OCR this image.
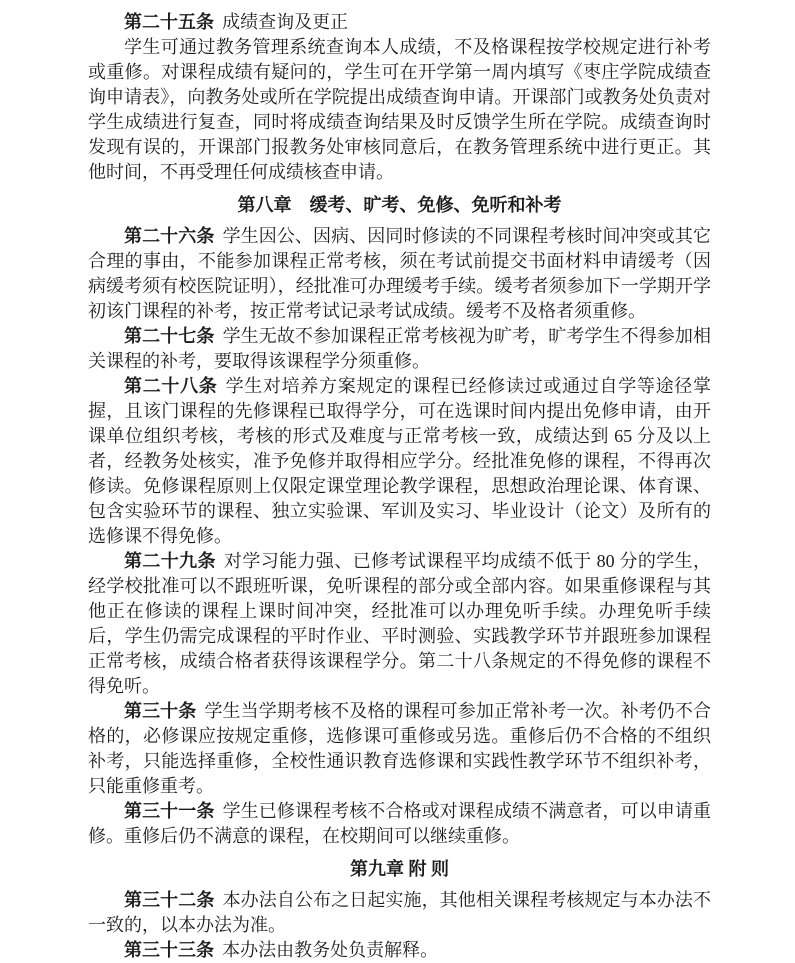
第二十五条 成绩查询及更正

学生可通过教务管理系统查询本人成绩，不及格课程按学校规定进行补考或重修。对课程成绩有疑问的，学生可在开学第一周内填写《枣庄学院成绩查询申请表》，向教务处或所在学院提出成绩查询申请。开课部门或教务处负责对学生成绩进行复查，同时将成绩查询结果及时反馈学生所在学院。成绩查询时发现有误的，开课部门报教务处审核同意后，在教务管理系统中进行更正。其他时间，不再受理任何成绩核查申请。

第八章　缓考、旷考、免修、免听和补考

第二十六条 学生因公、因病、因同时修读的不同课程考核时间冲突或其它合理的事由，不能参加课程正常考核，须在考试前提交书面材料申请缓考（因病缓考须有校医院证明），经批准可办理缓考手续。缓考者须参加下一学期开学初该门课程的补考，按正常考试记录考试成绩。缓考不及格者须重修。

第二十七条 学生无故不参加课程正常考核视为旷考，旷考学生不得参加相关课程的补考，要取得该课程学分须重修。

第二十八条 学生对培养方案规定的课程已经修读过或通过自学等途径掌握，且该门课程的先修课程已取得学分，可在选课时间内提出免修申请，由开课单位组织考核，考核的形式及难度与正常考核一致，成绩达到 65 分及以上者，经教务处核实，准予免修并取得相应学分。经批准免修的课程，不得再次修读。免修课程原则上仅限定课堂理论教学课程，思想政治理论课、体育课、包含实验环节的课程、独立实验课、军训及实习、毕业设计（论文）及所有的选修课不得免修。

第二十九条 对学习能力强、已修考试课程平均成绩不低于 80 分的学生，经学校批准可以不跟班听课，免听课程的部分或全部内容。如果重修课程与其他正在修读的课程上课时间冲突，经批准可以办理免听手续。办理免听手续后，学生仍需完成课程的平时作业、平时测验、实践教学环节并跟班参加课程正常考核，成绩合格者获得该课程学分。第二十八条规定的不得免修的课程不得免听。

第三十条 学生当学期考核不及格的课程可参加正常补考一次。补考仍不合格的，必修课应按规定重修，选修课可重修或另选。重修后仍不合格的不组织补考，只能选择重修，全校性通识教育选修课和实践性教学环节不组织补考，只能重修重考。

第三十一条 学生已修课程考核不合格或对课程成绩不满意者，可以申请重修。重修后仍不满意的课程，在校期间可以继续重修。

第九章 附 则

第三十二条 本办法自公布之日起实施，其他相关课程考核规定与本办法不一致的，以本办法为准。

第三十三条 本办法由教务处负责解释。
